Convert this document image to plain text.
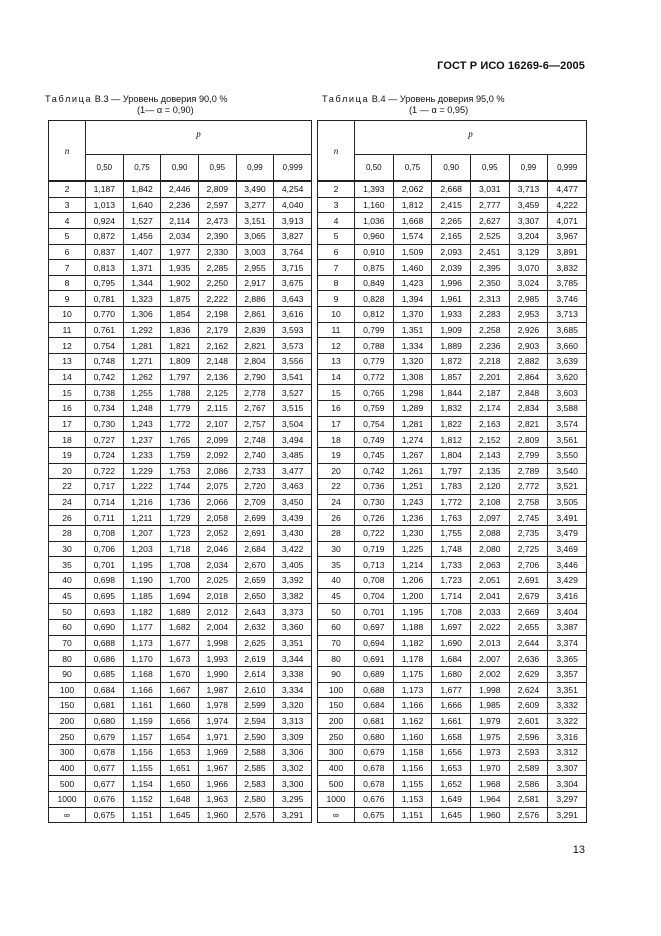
ГОСТ Р ИСО 16269-6—2005
Таблица В.3 — Уровень доверия 90,0 %
(1— α = 0,90)
Таблица В.4 — Уровень доверия 95,0 %
(1 — α = 0,95)
n	p					
	0,50	0,75	0,90	0,95	0,99	0,999
2	1,187	1,842	2,446	2,809	3,490	4,254
3	1,013	1,640	2,236	2,597	3,277	4,040
4	0,924	1,527	2,114	2,473	3,151	3,913
5	0,872	1,456	2,034	2,390	3,065	3,827
6	0,837	1,407	1,977	2,330	3,003	3,764
7	0,813	1,371	1,935	2,285	2,955	3,715
8	0,795	1,344	1,902	2,250	2,917	3,675
9	0,781	1,323	1,875	2,222	2,886	3,643
10	0,770	1,306	1,854	2,198	2,861	3,616
11	0,761	1,292	1,836	2,179	2,839	3,593
12	0,754	1,281	1,821	2,162	2,821	3,573
13	0,748	1,271	1,809	2,148	2,804	3,556
14	0,742	1,262	1,797	2,136	2,790	3,541
15	0,738	1,255	1,788	2,125	2,778	3,527
16	0,734	1,248	1,779	2,115	2,767	3,515
17	0,730	1,243	1,772	2,107	2,757	3,504
18	0,727	1,237	1,765	2,099	2,748	3,494
19	0,724	1,233	1,759	2,092	2,740	3,485
20	0,722	1,229	1,753	2,086	2,733	3,477
22	0,717	1,222	1,744	2,075	2,720	3,463
24	0,714	1,216	1,736	2,066	2,709	3,450
26	0,711	1,211	1,729	2,058	2,699	3,439
28	0,708	1,207	1,723	2,052	2,691	3,430
30	0,706	1,203	1,718	2,046	2,684	3,422
35	0,701	1,195	1,708	2,034	2,670	3,405
40	0,698	1,190	1,700	2,025	2,659	3,392
45	0,695	1,185	1,694	2,018	2,650	3,382
50	0,693	1,182	1,689	2,012	2,643	3,373
60	0,690	1,177	1,682	2,004	2,632	3,360
70	0,688	1,173	1,677	1,998	2,625	3,351
80	0,686	1,170	1,673	1,993	2,619	3,344
90	0,685	1,168	1,670	1,990	2,614	3,338
100	0,684	1,166	1,667	1,987	2,610	3,334
150	0,681	1,161	1,660	1,978	2,599	3,320
200	0,680	1,159	1,656	1,974	2,594	3,313
250	0,679	1,157	1,654	1,971	2,590	3,309
300	0,678	1,156	1,653	1,969	2,588	3,306
400	0,677	1,155	1,651	1,967	2,585	3,302
500	0,677	1,154	1,650	1,966	2,583	3,300
1000	0,676	1,152	1,648	1,963	2,580	3,295
∞	0,675	1,151	1,645	1,960	2,576	3,291
n	p					
	0,50	0,75	0,90	0,95	0,99	0,999
2	1,393	2,062	2,668	3,031	3,713	4,477
3	1,160	1,812	2,415	2,777	3,459	4,222
4	1,036	1,668	2,265	2,627	3,307	4,071
5	0,960	1,574	2,165	2,525	3,204	3,967
6	0,910	1,509	2,093	2,451	3,129	3,891
7	0,875	1,460	2,039	2,395	3,070	3,832
8	0,849	1,423	1,996	2,350	3,024	3,785
9	0,828	1,394	1,961	2,313	2,985	3,746
10	0,812	1,370	1,933	2,283	2,953	3,713
11	0,799	1,351	1,909	2,258	2,926	3,685
12	0,788	1,334	1,889	2,236	2,903	3,660
13	0,779	1,320	1,872	2,218	2,882	3,639
14	0,772	1,308	1,857	2,201	2,864	3,620
15	0,765	1,298	1,844	2,187	2,848	3,603
16	0,759	1,289	1,832	2,174	2,834	3,588
17	0,754	1,281	1,822	2,163	2,821	3,574
18	0,749	1,274	1,812	2,152	2,809	3,561
19	0,745	1,267	1,804	2,143	2,799	3,550
20	0,742	1,261	1,797	2,135	2,789	3,540
22	0,736	1,251	1,783	2,120	2,772	3,521
24	0,730	1,243	1,772	2,108	2,758	3,505
26	0,726	1,236	1,763	2,097	2,745	3,491
28	0,722	1,230	1,755	2,088	2,735	3,479
30	0,719	1,225	1,748	2,080	2,725	3,469
35	0,713	1,214	1,733	2,063	2,706	3,446
40	0,708	1,206	1,723	2,051	2,691	3,429
45	0,704	1,200	1,714	2,041	2,679	3,416
50	0,701	1,195	1,708	2,033	2,669	3,404
60	0,697	1,188	1,697	2,022	2,655	3,387
70	0,694	1,182	1,690	2,013	2,644	3,374
80	0,691	1,178	1,684	2,007	2,636	3,365
90	0,689	1,175	1,680	2,002	2,629	3,357
100	0,688	1,173	1,677	1,998	2,624	3,351
150	0,684	1,166	1,666	1,985	2,609	3,332
200	0,681	1,162	1,661	1,979	2,601	3,322
250	0,680	1,160	1,658	1,975	2,596	3,316
300	0,679	1,158	1,656	1,973	2,593	3,312
400	0,678	1,156	1,653	1,970	2,589	3,307
500	0,678	1,155	1,652	1,968	2,586	3,304
1000	0,676	1,153	1,649	1,964	2,581	3,297
∞	0,675	1,151	1,645	1,960	2,576	3,291
13
